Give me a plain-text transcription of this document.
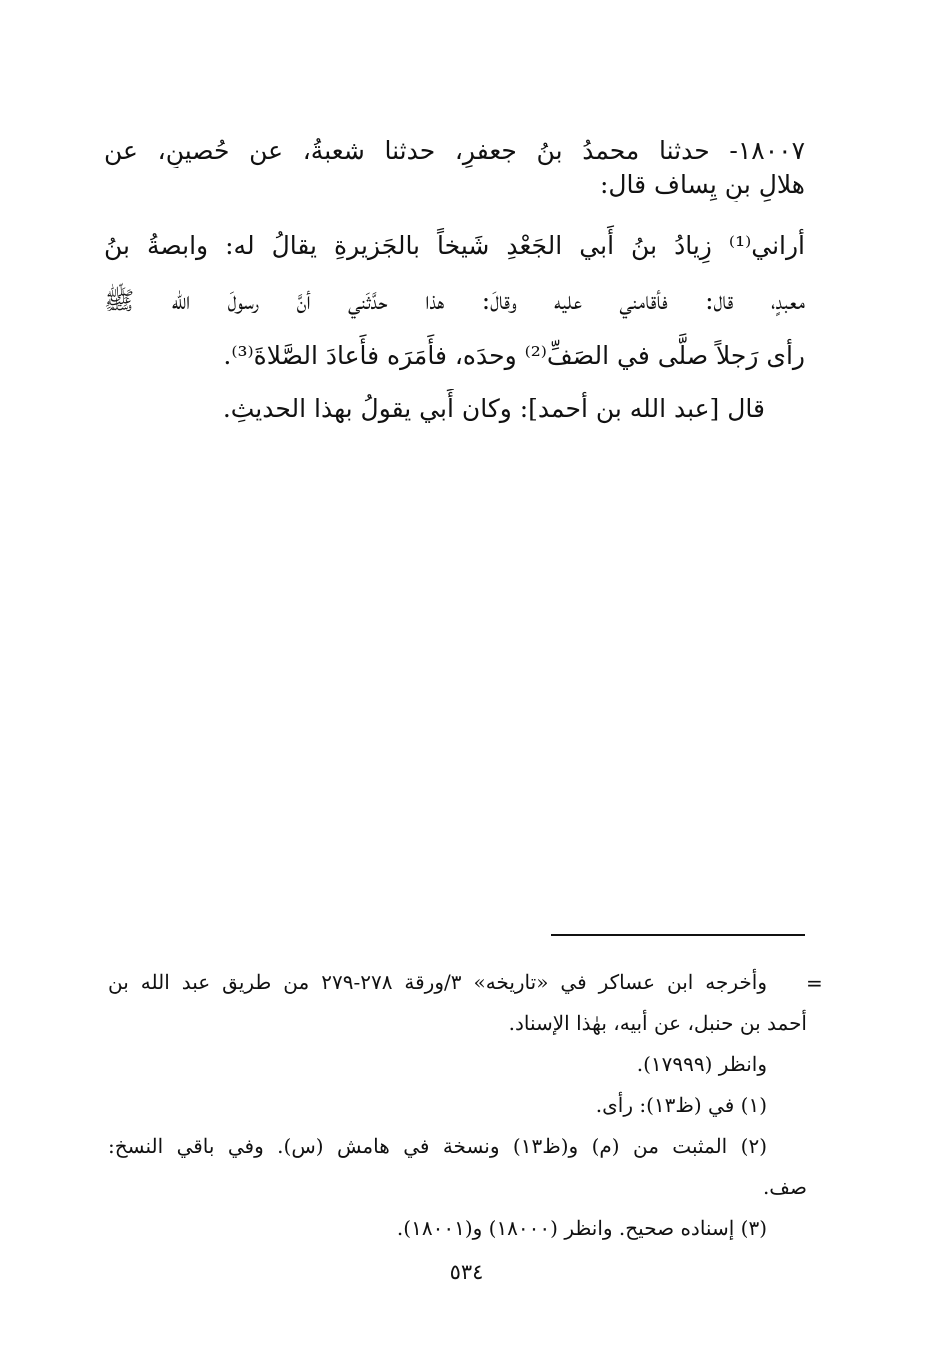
١٨٠٠٧- حدثنا محمدُ بنُ جعفرٍ، حدثنا شعبةُ، عن حُصينٍ، عن
هلالِ بنِ يِساف قال:
أراني⁽¹⁾ زِيادُ بنُ أَبي الجَعْدِ شَيخاً بالجَزيرةِ يقالُ له: وابصةُ بنُ
معبدٍ، قال: فأقامني عليه وقالَ: هذا حدَّثَني أنَّ رسولَ الله ﷺ
رأى رَجلاً صلَّى في الصَفِّ⁽²⁾ وحدَه، فأَمَرَه فأَعادَ الصَّلاةَ⁽³⁾.
قال [عبد الله بن أحمد]: وكان أَبي يقولُ بهذا الحديثِ.
=
وأخرجه ابن عساكر في «تاريخه» ٣/ورقة ٢٧٨-٢٧٩ من طريق عبد الله بن
أحمد بن حنبل، عن أبيه، بهٰذا الإسناد.
وانظر (١٧٩٩٩).
(١) في (ظ١٣): رأى.
(٢) المثبت من (م) و(ظ١٣) ونسخة في هامش (س). وفي باقي النسخ:
صف.
(٣) إسناده صحيح. وانظر (١٨٠٠٠) و(١٨٠٠١).
٥٣٤
